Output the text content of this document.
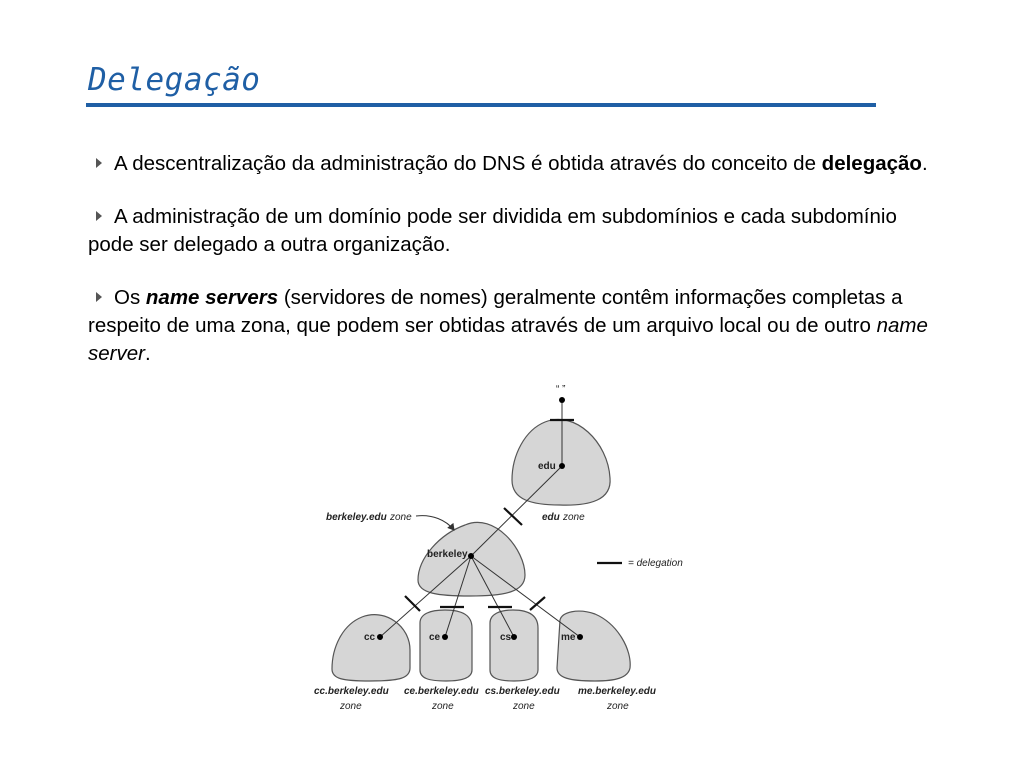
Delegação
A descentralização da administração do DNS é obtida através do conceito de delegação.
A administração de um domínio pode ser dividida em subdomínios e cada subdomínio pode ser delegado a outra organização.
Os name servers (servidores de nomes) geralmente contêm informações completas a respeito de uma zona, que podem ser obtidas através de um arquivo local ou de outro name server.
“ ”
edu
edu zone
berkeley.edu zone
berkeley
= delegation
cc	ce	cs	me
cc.berkeley.edu
zone
ce.berkeley.edu
zone
cs.berkeley.edu
zone
me.berkeley.edu
zone
